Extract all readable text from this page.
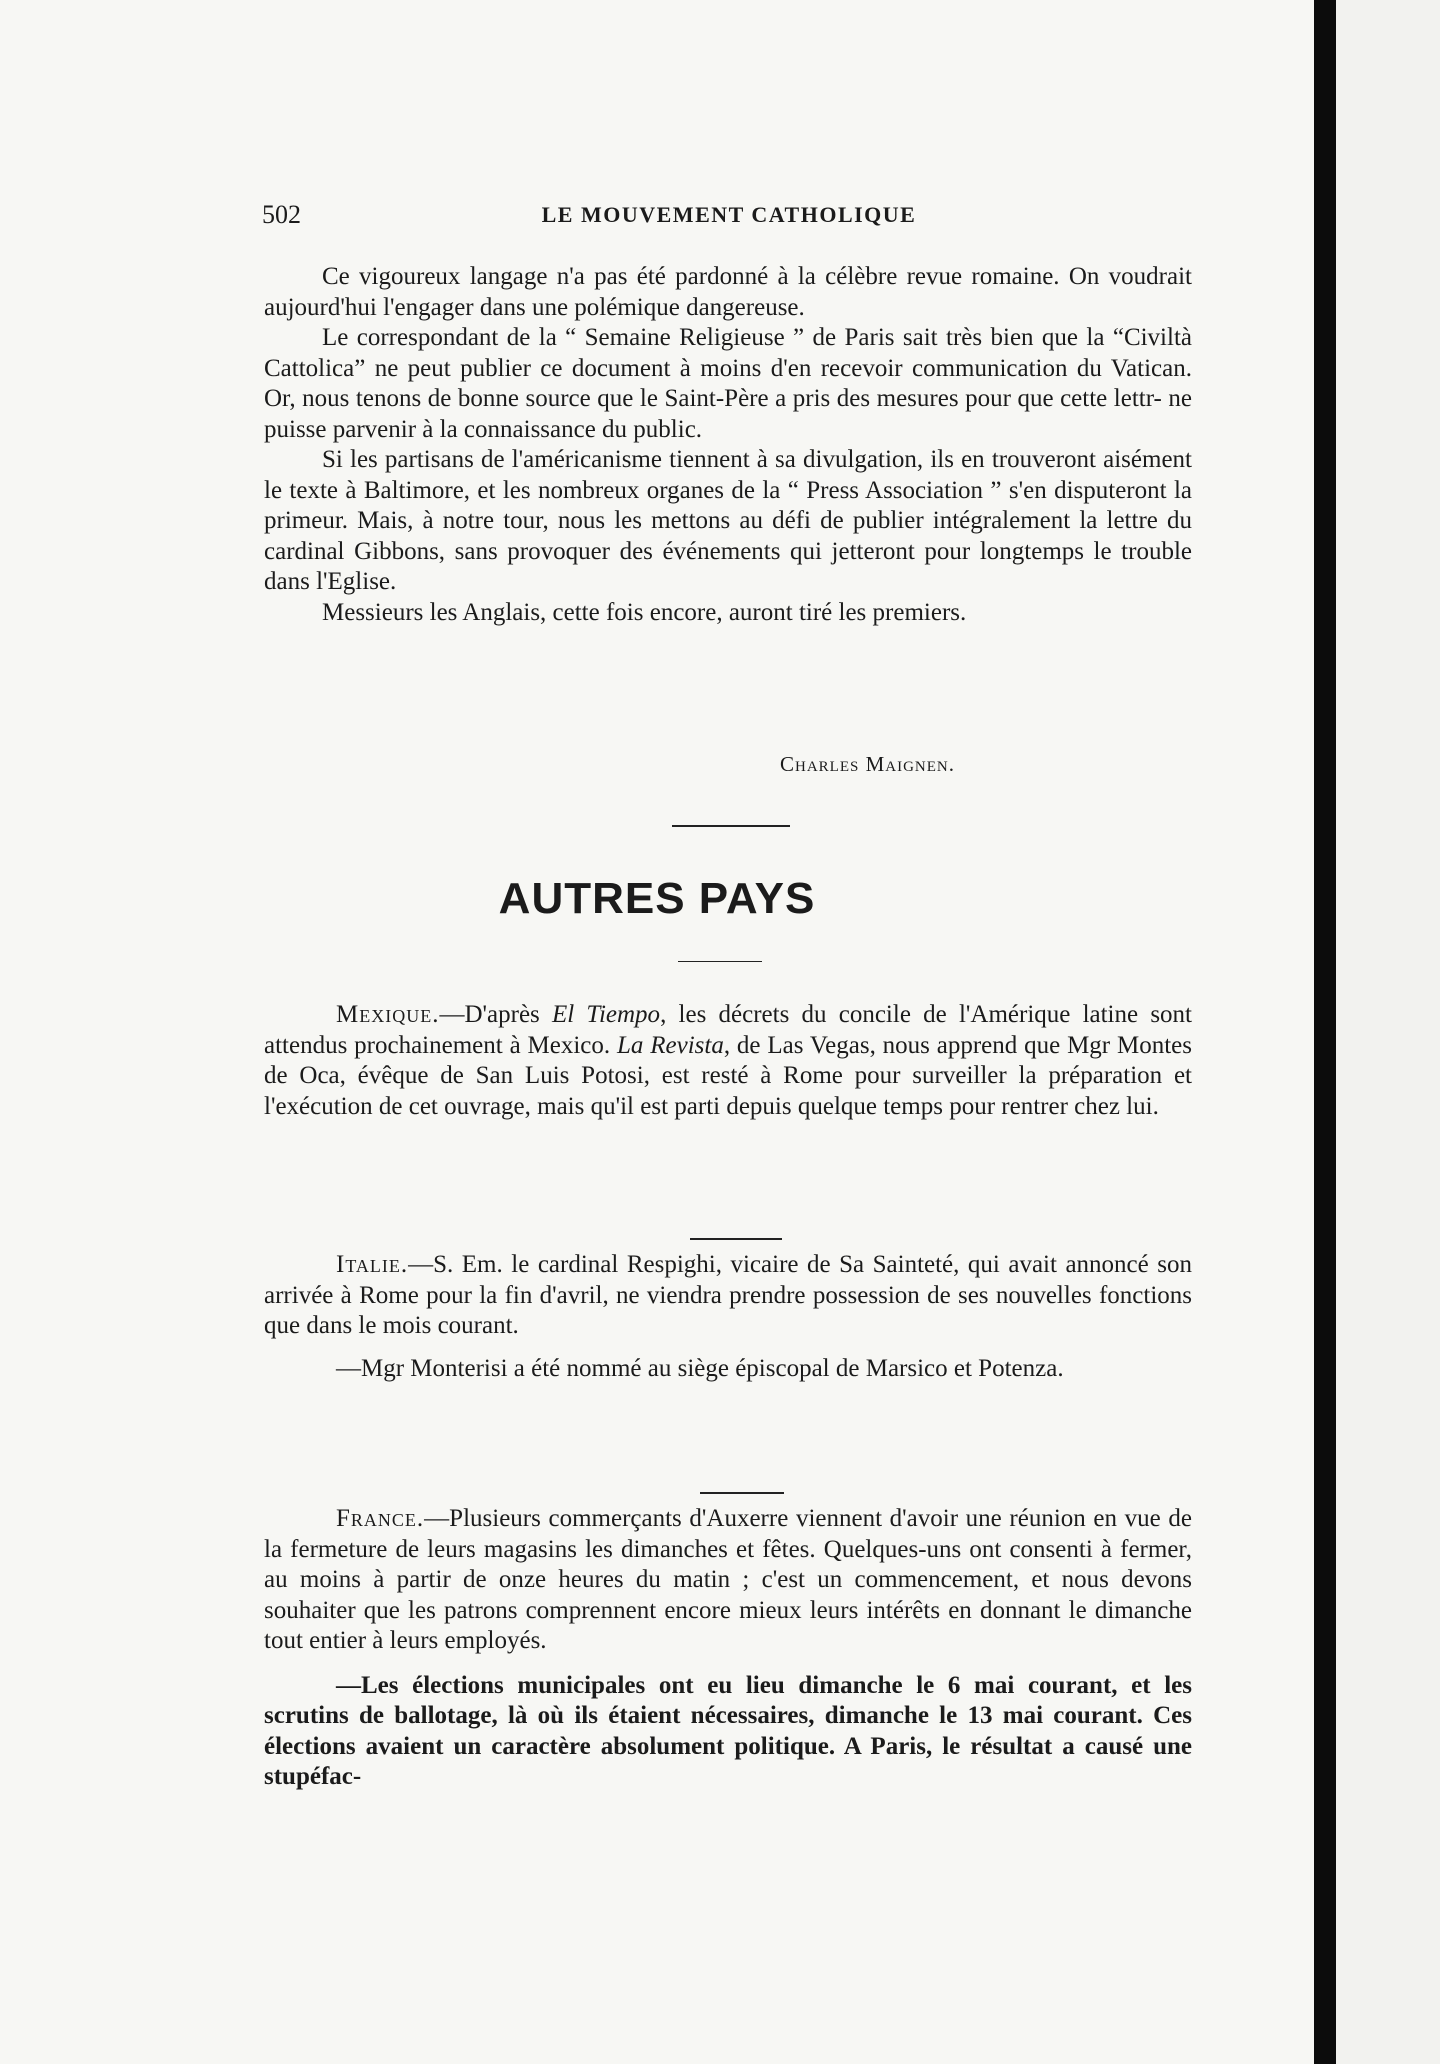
502	LE MOUVEMENT CATHOLIQUE

Ce vigoureux langage n'a pas été pardonné à la célèbre revue romaine. On voudrait aujourd'hui l'engager dans une polémique dangereuse.

Le correspondant de la “ Semaine Religieuse ” de Paris sait très bien que la “Civiltà Cattolica” ne peut publier ce document à moins d'en recevoir communication du Vatican. Or, nous tenons de bonne source que le Saint-Père a pris des mesures pour que cette lettr- ne puisse parvenir à la connaissance du public.

Si les partisans de l'américanisme tiennent à sa divulgation, ils en trouveront aisément le texte à Baltimore, et les nombreux organes de la “ Press Association ” s'en disputeront la primeur. Mais, à notre tour, nous les mettons au défi de publier intégralement la lettre du cardinal Gibbons, sans provoquer des événements qui jetteront pour longtemps le trouble dans l'Eglise.

Messieurs les Anglais, cette fois encore, auront tiré les premiers.

Charles Maignen.
AUTRES PAYS

Mexique.—D'après El Tiempo, les décrets du concile de l'Amérique latine sont attendus prochainement à Mexico. La Revista, de Las Vegas, nous apprend que Mgr Montes de Oca, évêque de San Luis Potosi, est resté à Rome pour surveiller la préparation et l'exécution de cet ouvrage, mais qu'il est parti depuis quelque temps pour rentrer chez lui.

Italie.—S. Em. le cardinal Respighi, vicaire de Sa Sainteté, qui avait annoncé son arrivée à Rome pour la fin d'avril, ne viendra prendre possession de ses nouvelles fonctions que dans le mois courant.

—Mgr Monterisi a été nommé au siège épiscopal de Marsico et Potenza.

France.—Plusieurs commerçants d'Auxerre viennent d'avoir une réunion en vue de la fermeture de leurs magasins les dimanches et fêtes. Quelques-uns ont consenti à fermer, au moins à partir de onze heures du matin ; c'est un commencement, et nous devons souhaiter que les patrons comprennent encore mieux leurs intérêts en donnant le dimanche tout entier à leurs employés.

—Les élections municipales ont eu lieu dimanche le 6 mai courant, et les scrutins de ballotage, là où ils étaient nécessaires, dimanche le 13 mai courant. Ces élections avaient un caractère absolument politique. A Paris, le résultat a causé une stupéfac-
